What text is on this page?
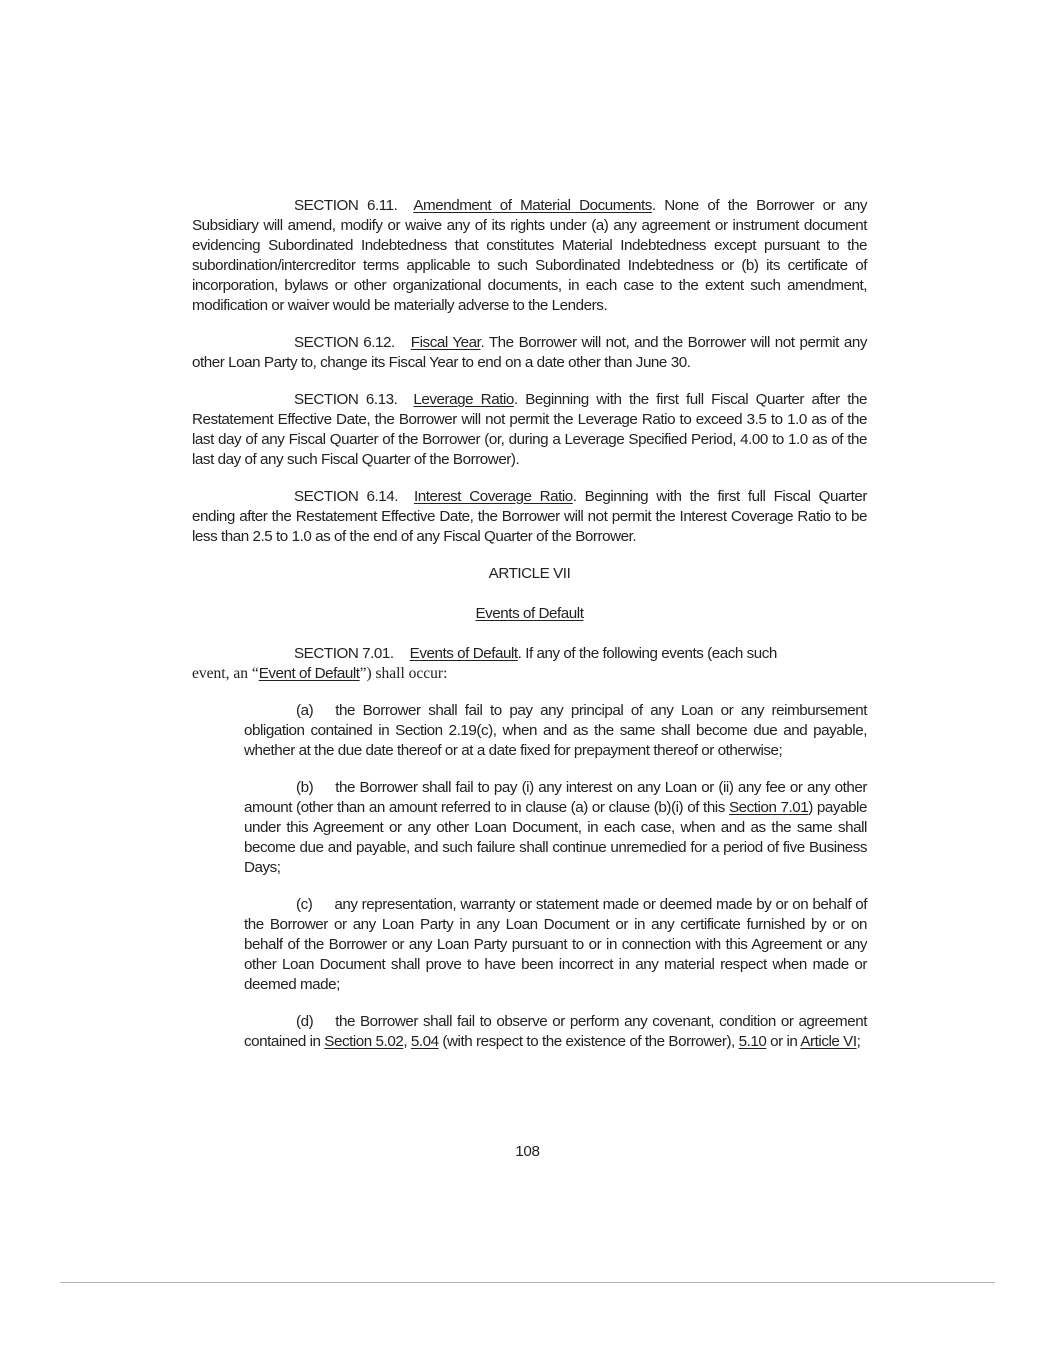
SECTION 6.11. Amendment of Material Documents. None of the Borrower or any Subsidiary will amend, modify or waive any of its rights under (a) any agreement or instrument document evidencing Subordinated Indebtedness that constitutes Material Indebtedness except pursuant to the subordination/intercreditor terms applicable to such Subordinated Indebtedness or (b) its certificate of incorporation, bylaws or other organizational documents, in each case to the extent such amendment, modification or waiver would be materially adverse to the Lenders.

SECTION 6.12. Fiscal Year. The Borrower will not, and the Borrower will not permit any other Loan Party to, change its Fiscal Year to end on a date other than June 30.

SECTION 6.13. Leverage Ratio. Beginning with the first full Fiscal Quarter after the Restatement Effective Date, the Borrower will not permit the Leverage Ratio to exceed 3.5 to 1.0 as of the last day of any Fiscal Quarter of the Borrower (or, during a Leverage Specified Period, 4.00 to 1.0 as of the last day of any such Fiscal Quarter of the Borrower).

SECTION 6.14. Interest Coverage Ratio. Beginning with the first full Fiscal Quarter ending after the Restatement Effective Date, the Borrower will not permit the Interest Coverage Ratio to be less than 2.5 to 1.0 as of the end of any Fiscal Quarter of the Borrower.

ARTICLE VII

Events of Default

SECTION 7.01. Events of Default. If any of the following events (each such
event, an “Event of Default”) shall occur:

(a) the Borrower shall fail to pay any principal of any Loan or any reimbursement obligation contained in Section 2.19(c), when and as the same shall become due and payable, whether at the due date thereof or at a date fixed for prepayment thereof or otherwise;

(b) the Borrower shall fail to pay (i) any interest on any Loan or (ii) any fee or any other amount (other than an amount referred to in clause (a) or clause (b)(i) of this Section 7.01) payable under this Agreement or any other Loan Document, in each case, when and as the same shall become due and payable, and such failure shall continue unremedied for a period of five Business Days;

(c) any representation, warranty or statement made or deemed made by or on behalf of the Borrower or any Loan Party in any Loan Document or in any certificate furnished by or on behalf of the Borrower or any Loan Party pursuant to or in connection with this Agreement or any other Loan Document shall prove to have been incorrect in any material respect when made or deemed made;

(d) the Borrower shall fail to observe or perform any covenant, condition or agreement contained in Section 5.02, 5.04 (with respect to the existence of the Borrower), 5.10 or in Article VI;

108
